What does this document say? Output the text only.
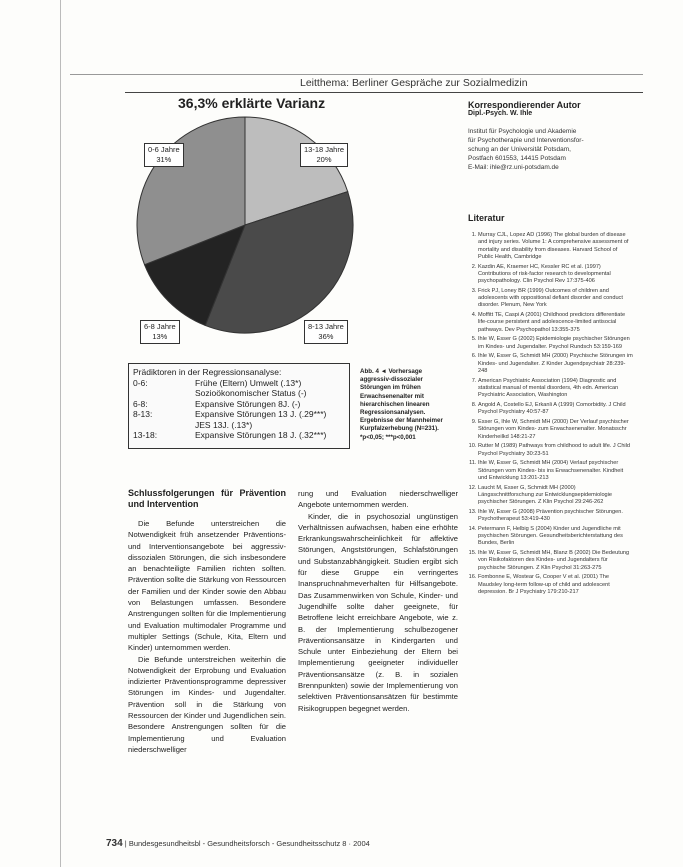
Leitthema: Berliner Gespräche zur Sozialmedizin
36,3% erklärte Varianz
13-18 Jahre
20%
8-13 Jahre
36%
6-8 Jahre
13%
0-6 Jahre
31%
Prädiktoren in der Regressionsanalyse:
0-6:	Frühe (Eltern) Umwelt (.13*)
Sozioökonomischer Status (-)
6-8:	Expansive Störungen 8J. (-)
8-13:	Expansive Störungen 13 J. (.29***)
JES 13J. (.13*)
13-18:	Expansive Störungen 18 J. (.32***)
Abb. 4 ◄ Vorhersage aggressiv-dissozialer Störungen im frühen Erwachsenenalter mit hierarchischen linearen Regressionsanalysen. Ergebnisse der Mannheimer Kurpfalzerhebung (N=231). *p<0,05; ***p<0,001
Schlussfolgerungen für Prävention und Intervention

Die Befunde unterstreichen die Notwendigkeit früh ansetzender Präventions- und Interventionsangebote bei aggressiv-dissozialen Störungen, die sich insbesondere an benachteiligte Familien richten sollten. Prävention sollte die Stärkung von Ressourcen der Familien und der Kinder sowie den Abbau von Belastungen umfassen. Besondere Anstrengungen sollten für die Implementierung und Evaluation multimodaler Programme und multipler Settings (Schule, Kita, Eltern und Kinder) unternommen werden.

Die Befunde unterstreichen weiterhin die Notwendigkeit der Erprobung und Evaluation indizierter Präventionsprogramme depressiver Störungen im Kindes- und Jugendalter. Prävention soll in die Stärkung von Ressourcen der Kinder und Jugendlichen sein. Besondere Anstrengungen sollten für die Implementierung und Evaluation niederschwelliger

rung und Evaluation niederschwelliger Angebote unternommen werden.

Kinder, die in psychosozial ungünstigen Verhältnissen aufwachsen, haben eine erhöhte Erkrankungswahrscheinlichkeit für affektive Störungen, Angststörungen, Schlafstörungen und Substanzabhängigkeit. Studien ergibt sich für diese Gruppe ein verringertes Inanspruchnahmeverhalten für Hilfsangebote. Das Zusammenwirken von Schule, Kinder- und Jugendhilfe sollte daher geeignete, für Betroffene leicht erreichbare Angebote, wie z. B. der Implementierung schulbezogener Präventionsansätze in Kindergarten und Schule unter Einbeziehung der Eltern bei Implementierung geeigneter individueller Präventionsansätze (z. B. in sozialen Brennpunkten) sowie der Implementierung von selektiven Präventionsansätzen für bestimmte Risikogruppen begegnet werden.

Korrespondierender Autor
Dipl.-Psych. W. Ihle
Institut für Psychologie und Akademie
für Psychotherapie und Interventionsfor-
schung an der Universität Potsdam,
Postfach 601553, 14415 Potsdam
E-Mail: ihle@rz.uni-potsdam.de
Literatur
1. Murray CJL, Lopez AD (1996) The global burden of disease and injury series. Volume 1: A comprehensive assessment of mortality and disability from diseases. Harvard School of Public Health, Cambridge
2. Kazdin AE, Kraemer HC, Kessler RC et al. (1997) Contributions of risk-factor research to developmental psychopathology. Clin Psychol Rev 17:375-406
3. Frick PJ, Loney BR (1999) Outcomes of children and adolescents with oppositional defiant disorder and conduct disorder. Plenum, New York
4. Moffitt TE, Caspi A (2001) Childhood predictors differentiate life-course persistent and adolescence-limited antisocial pathways. Dev Psychopathol 13:355-375
5. Ihle W, Esser G (2002) Epidemiologie psychischer Störungen im Kindes- und Jugendalter. Psychol Rundsch 53:159-169
6. Ihle W, Esser G, Schmidt MH (2000) Psychische Störungen im Kindes- und Jugendalter. Z Kinder Jugendpsychiatr 28:239-248
7. American Psychiatric Association (1994) Diagnostic and statistical manual of mental disorders, 4th edn. American Psychiatric Association, Washington
8. Angold A, Costello EJ, Erkanli A (1999) Comorbidity. J Child Psychol Psychiatry 40:57-87
9. Esser G, Ihle W, Schmidt MH (2000) Der Verlauf psychischer Störungen vom Kindes- zum Erwachsenenalter. Monatsschr Kinderheilkd 148:21-27
10. Rutter M (1989) Pathways from childhood to adult life. J Child Psychol Psychiatry 30:23-51
11. Ihle W, Esser G, Schmidt MH (2004) Verlauf psychischer Störungen vom Kindes- bis ins Erwachsenenalter. Kindheit und Entwicklung 13:201-213
12. Laucht M, Esser G, Schmidt MH (2000) Längsschnittforschung zur Entwicklungsepidemiologie psychischer Störungen. Z Klin Psychol 29:246-262
13. Ihle W, Esser G (2008) Prävention psychischer Störungen. Psychotherapeut 53:419-430
14. Petermann F, Helbig S (2004) Kinder und Jugendliche mit psychischen Störungen. Gesundheitsberichterstattung des Bundes, Berlin
15. Ihle W, Esser G, Schmidt MH, Blanz B (2002) Die Bedeutung von Risikofaktoren des Kindes- und Jugendalters für psychische Störungen. Z Klin Psychol 31:263-275
16. Fombonne E, Wostear G, Cooper V et al. (2001) The Maudsley long-term follow-up of child and adolescent depression. Br J Psychiatry 179:210-217
734 | Bundesgesundheitsbl - Gesundheitsforsch - Gesundheitsschutz 8 · 2004
